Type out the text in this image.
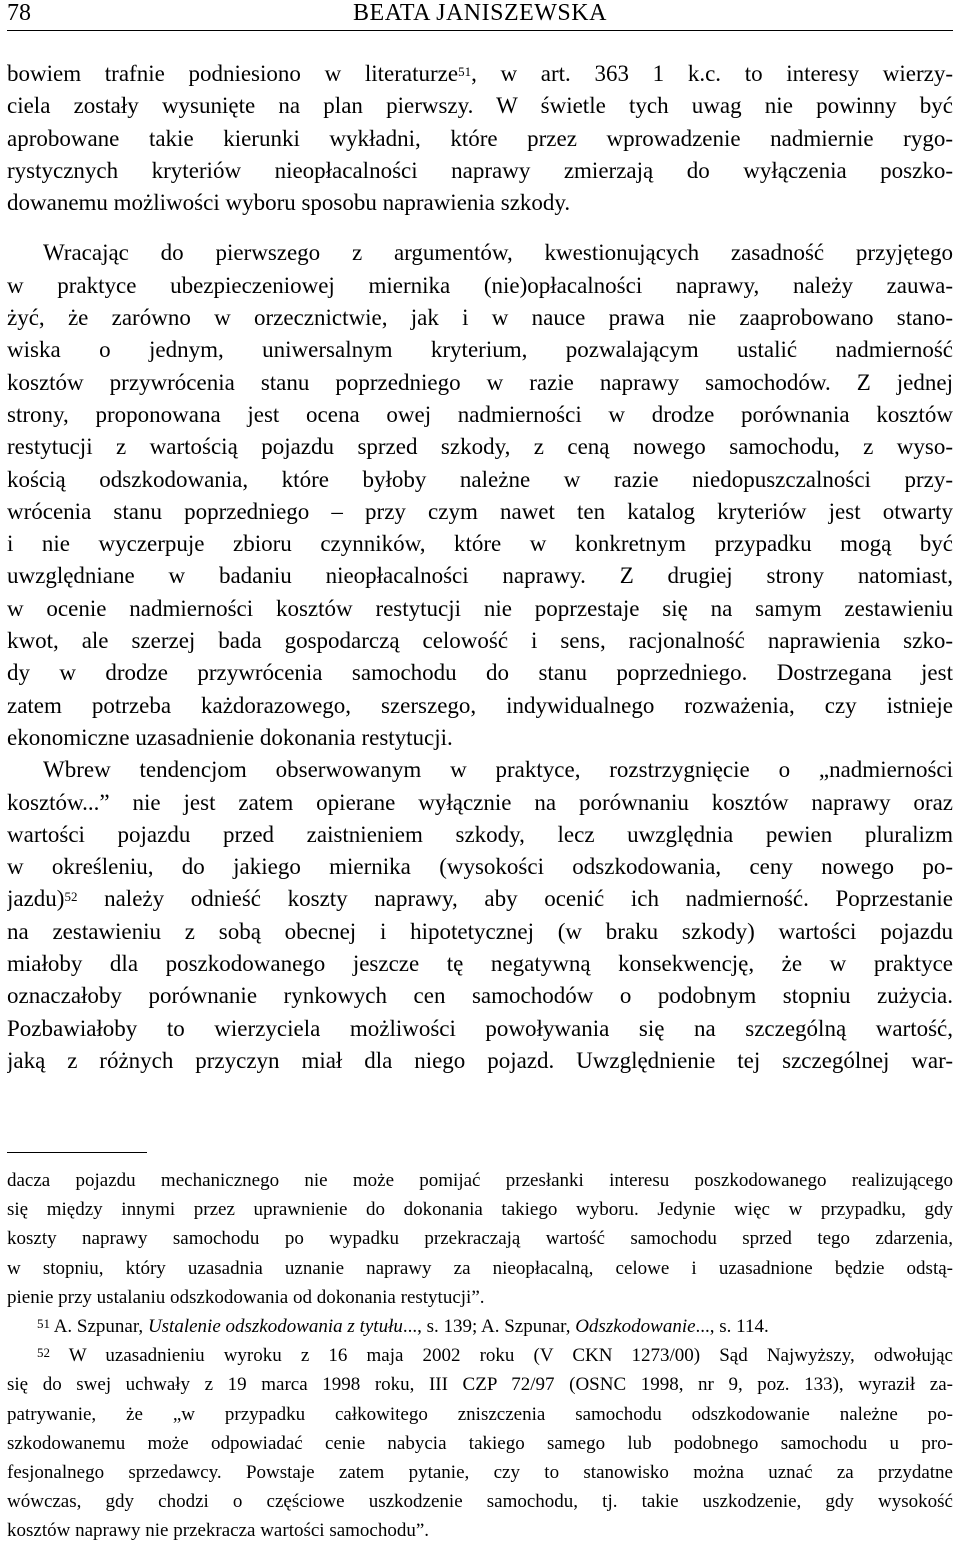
78	BEATA JANISZEWSKA

bowiem trafnie podniesiono w literaturze$^{51}$, w art. 363 1 k.c. to interesy wierzy-
ciela zostały wysunięte na plan pierwszy. W świetle tych uwag nie powinny być
aprobowane takie kierunki wykładni, które przez wprowadzenie nadmiernie rygo-
rystycznych kryteriów nieopłacalności naprawy zmierzają do wyłączenia poszko-
dowanemu możliwości wyboru sposobu naprawienia szkody.

Wracając do pierwszego z argumentów, kwestionujących zasadność przyjętego
w praktyce ubezpieczeniowej miernika (nie)opłacalności naprawy, należy zauwa-
żyć, że zarówno w orzecznictwie, jak i w nauce prawa nie zaaprobowano stano-
wiska o jednym, uniwersalnym kryterium, pozwalającym ustalić nadmierność
kosztów przywrócenia stanu poprzedniego w razie naprawy samochodów. Z jednej
strony, proponowana jest ocena owej nadmierności w drodze porównania kosztów
restytucji z wartością pojazdu sprzed szkody, z ceną nowego samochodu, z wyso-
kością odszkodowania, które byłoby należne w razie niedopuszczalności przy-
wrócenia stanu poprzedniego – przy czym nawet ten katalog kryteriów jest otwarty
i nie wyczerpuje zbioru czynników, które w konkretnym przypadku mogą być
uwzględniane w badaniu nieopłacalności naprawy. Z drugiej strony natomiast,
w ocenie nadmierności kosztów restytucji nie poprzestaje się na samym zestawieniu
kwot, ale szerzej bada gospodarczą celowość i sens, racjonalność naprawienia szko-
dy w drodze przywrócenia samochodu do stanu poprzedniego. Dostrzegana jest
zatem potrzeba każdorazowego, szerszego, indywidualnego rozważenia, czy istnieje
ekonomiczne uzasadnienie dokonania restytucji.

Wbrew tendencjom obserwowanym w praktyce, rozstrzygnięcie o „nadmierności
kosztów...” nie jest zatem opierane wyłącznie na porównaniu kosztów naprawy oraz
wartości pojazdu przed zaistnieniem szkody, lecz uwzględnia pewien pluralizm
w określeniu, do jakiego miernika (wysokości odszkodowania, ceny nowego po-
jazdu)$^{52}$ należy odnieść koszty naprawy, aby ocenić ich nadmierność. Poprzestanie
na zestawieniu z sobą obecnej i hipotetycznej (w braku szkody) wartości pojazdu
miałoby dla poszkodowanego jeszcze tę negatywną konsekwencję, że w praktyce
oznaczałoby porównanie rynkowych cen samochodów o podobnym stopniu zużycia.
Pozbawiałoby to wierzyciela możliwości powoływania się na szczególną wartość,
jaką z różnych przyczyn miał dla niego pojazd. Uwzględnienie tej szczególnej war-

dacza pojazdu mechanicznego nie może pomijać przesłanki interesu poszkodowanego realizującego
się między innymi przez uprawnienie do dokonania takiego wyboru. Jedynie więc w przypadku, gdy
koszty naprawy samochodu po wypadku przekraczają wartość samochodu sprzed tego zdarzenia,
w stopniu, który uzasadnia uznanie naprawy za nieopłacalną, celowe i uzasadnione będzie odstą-
pienie przy ustalaniu odszkodowania od dokonania restytucji”.
$^{51}$ A. Szpunar, Ustalenie odszkodowania z tytułu..., s. 139; A. Szpunar, Odszkodowanie..., s. 114.
$^{52}$ W uzasadnieniu wyroku z 16 maja 2002 roku (V CKN 1273/00) Sąd Najwyższy, odwołując
się do swej uchwały z 19 marca 1998 roku, III CZP 72/97 (OSNC 1998, nr 9, poz. 133), wyraził za-
patrywanie, że „w przypadku całkowitego zniszczenia samochodu odszkodowanie należne po-
szkodowanemu może odpowiadać cenie nabycia takiego samego lub podobnego samochodu u pro-
fesjonalnego sprzedawcy. Powstaje zatem pytanie, czy to stanowisko można uznać za przydatne
wówczas, gdy chodzi o częściowe uszkodzenie samochodu, tj. takie uszkodzenie, gdy wysokość
kosztów naprawy nie przekracza wartości samochodu”.
